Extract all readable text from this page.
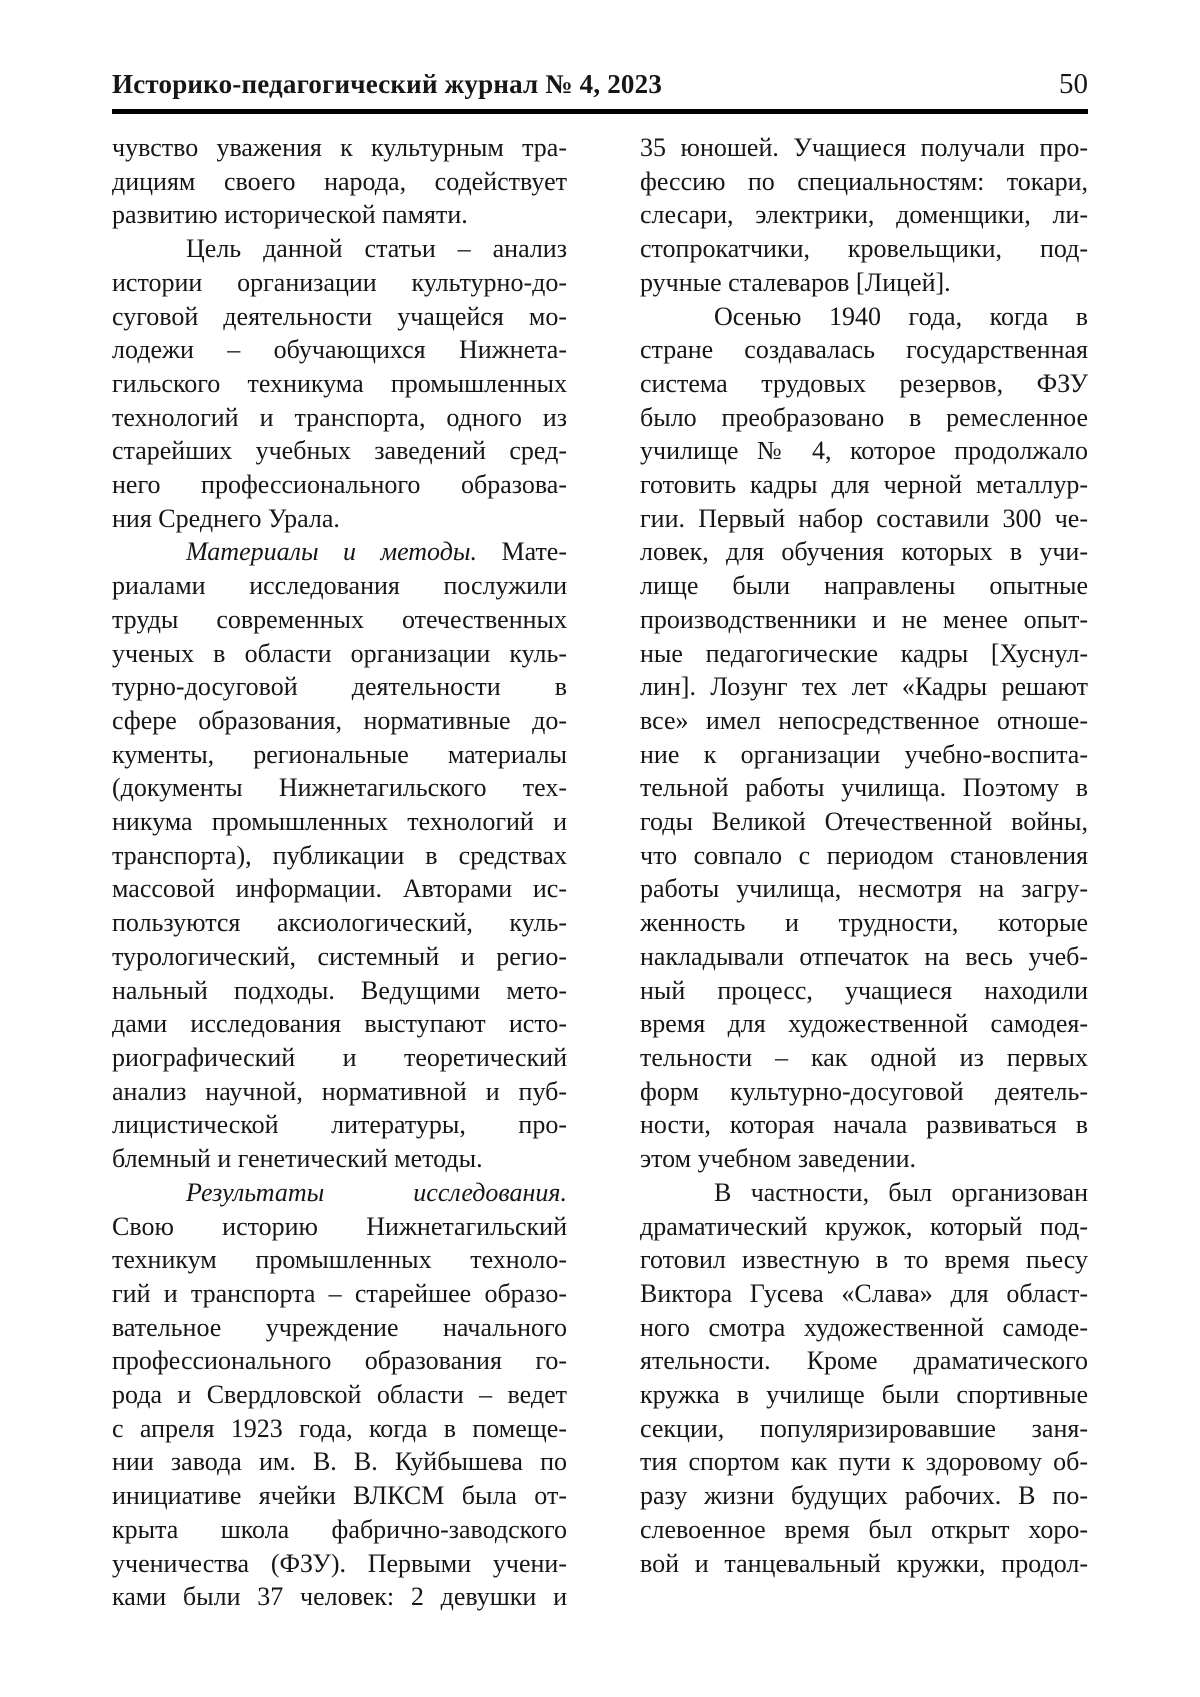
Историко-педагогический журнал № 4, 2023	50
чувство уважения к культурным тра-
дициям своего народа, содействует
развитию исторической памяти.
Цель данной статьи – анализ
истории организации культурно-до-
суговой деятельности учащейся мо-
лодежи – обучающихся Нижнета-
гильского техникума промышленных
технологий и транспорта, одного из
старейших учебных заведений сред-
него профессионального образова-
ния Среднего Урала.
Материалы и методы. Мате-
риалами исследования послужили
труды современных отечественных
ученых в области организации куль-
турно-досуговой деятельности в
сфере образования, нормативные до-
кументы, региональные материалы
(документы Нижнетагильского тех-
никума промышленных технологий и
транспорта), публикации в средствах
массовой информации. Авторами ис-
пользуются аксиологический, куль-
турологический, системный и регио-
нальный подходы. Ведущими мето-
дами исследования выступают исто-
риографический и теоретический
анализ научной, нормативной и пуб-
лицистической литературы, про-
блемный и генетический методы.
Результаты исследования.
Свою историю Нижнетагильский
техникум промышленных техноло-
гий и транспорта – старейшее образо-
вательное учреждение начального
профессионального образования го-
рода и Свердловской области – ведет
с апреля 1923 года, когда в помеще-
нии завода им. В. В. Куйбышева по
инициативе ячейки ВЛКСМ была от-
крыта школа фабрично-заводского
ученичества (ФЗУ). Первыми учени-
ками были 37 человек: 2 девушки и
35 юношей. Учащиеся получали про-
фессию по специальностям: токари,
слесари, электрики, доменщики, ли-
стопрокатчики, кровельщики, под-
ручные сталеваров [Лицей].
Осенью 1940 года, когда в
стране создавалась государственная
система трудовых резервов, ФЗУ
было преобразовано в ремесленное
училище № 4, которое продолжало
готовить кадры для черной металлур-
гии. Первый набор составили 300 че-
ловек, для обучения которых в учи-
лище были направлены опытные
производственники и не менее опыт-
ные педагогические кадры [Хуснул-
лин]. Лозунг тех лет «Кадры решают
все» имел непосредственное отноше-
ние к организации учебно-воспита-
тельной работы училища. Поэтому в
годы Великой Отечественной войны,
что совпало с периодом становления
работы училища, несмотря на загру-
женность и трудности, которые
накладывали отпечаток на весь учеб-
ный процесс, учащиеся находили
время для художественной самодея-
тельности – как одной из первых
форм культурно-досуговой деятель-
ности, которая начала развиваться в
этом учебном заведении.
В частности, был организован
драматический кружок, который под-
готовил известную в то время пьесу
Виктора Гусева «Слава» для област-
ного смотра художественной самоде-
ятельности. Кроме драматического
кружка в училище были спортивные
секции, популяризировавшие заня-
тия спортом как пути к здоровому об-
разу жизни будущих рабочих. В по-
слевоенное время был открыт хоро-
вой и танцевальный кружки, продол-
